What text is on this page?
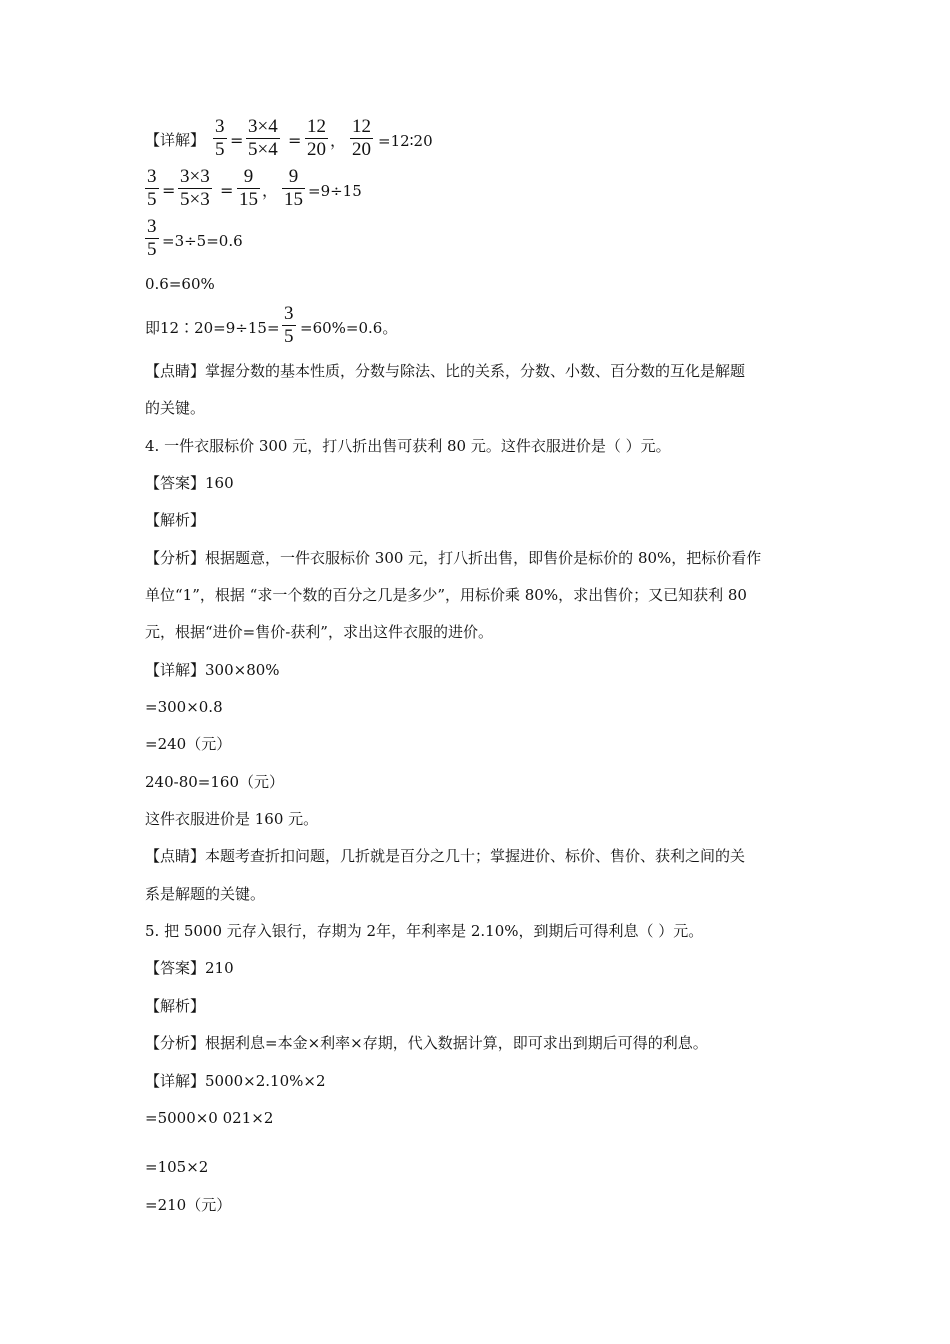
【详解】
3
5 =
3×4
5×4 =
12
20 ，
12
20 =12∶20
3
5 =
3×3
5×3 =
9
15 ，
9
15 =9÷15
3
5 =3÷5=0.6
0.6=60%
即12∶20=9÷15=
3
5 =60%=0.6。
【点睛】掌握分数的基本性质，分数与除法、比的关系，分数、小数、百分数的互化是解题
的关键。
4. 一件衣服标价 300 元，打八折出售可获利 80 元。这件衣服进价是（ ）元。
【答案】160
【解析】
【分析】根据题意，一件衣服标价 300 元，打八折出售，即售价是标价的 80%，把标价看作
单位“1”，根据 “求一个数的百分之几是多少”，用标价乘 80%，求出售价；又已知获利 80
元，根据“进价=售价-获利”，求出这件衣服的进价。
【详解】300×80%
=300×0.8
=240（元）
240-80=160（元）
这件衣服进价是 160 元。
【点睛】本题考查折扣问题，几折就是百分之几十；掌握进价、标价、售价、获利之间的关
系是解题的关键。
5. 把 5000 元存入银行，存期为 2年，年利率是 2.10%，到期后可得利息（ ）元。
【答案】210
【解析】
【分析】根据利息=本金×利率×存期，代入数据计算，即可求出到期后可得的利息。
【详解】5000×2.10%×2
=5000×0 021×2
=105×2
=210（元）
